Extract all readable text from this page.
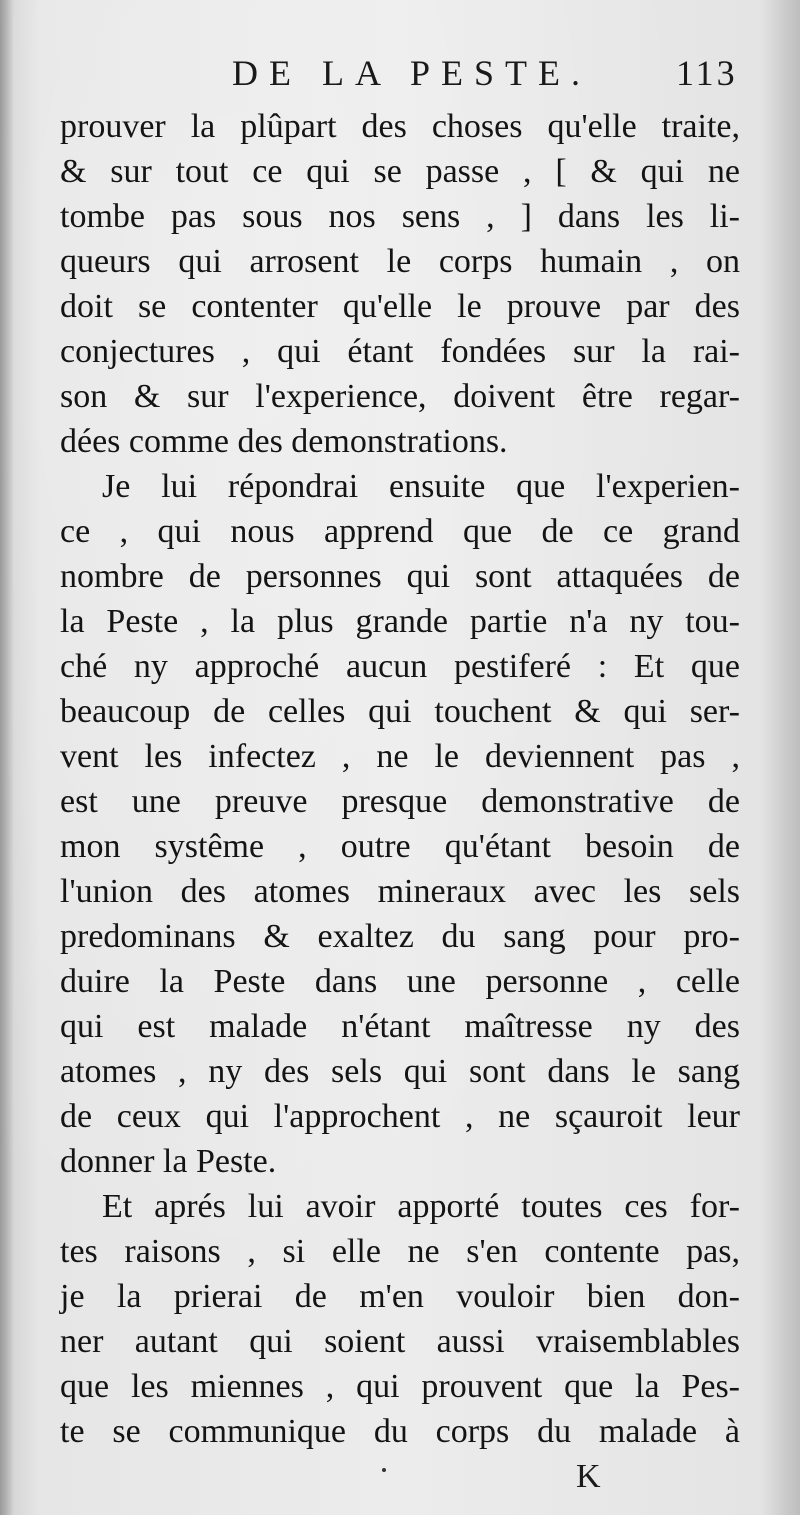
DE LA PESTE. 113
prouver la plûpart des choses qu'elle traite,
& sur tout ce qui se passe , [ & qui ne
tombe pas sous nos sens , ] dans les li-
queurs qui arrosent le corps humain , on
doit se contenter qu'elle le prouve par des
conjectures , qui étant fondées sur la rai-
son & sur l'experience, doivent être regar-
dées comme des demonstrations.
Je lui répondrai ensuite que l'experien-
ce , qui nous apprend que de ce grand
nombre de personnes qui sont attaquées de
la Peste , la plus grande partie n'a ny tou-
ché ny approché aucun pestiferé : Et que
beaucoup de celles qui touchent & qui ser-
vent les infectez , ne le deviennent pas ,
est une preuve presque demonstrative de
mon systême , outre qu'étant besoin de
l'union des atomes mineraux avec les sels
predominans & exaltez du sang pour pro-
duire la Peste dans une personne , celle
qui est malade n'étant maîtresse ny des
atomes , ny des sels qui sont dans le sang
de ceux qui l'approchent , ne sçauroit leur
donner la Peste.
Et aprés lui avoir apporté toutes ces for-
tes raisons , si elle ne s'en contente pas,
je la prierai de m'en vouloir bien don-
ner autant qui soient aussi vraisemblables
que les miennes , qui prouvent que la Pes-
te se communique du corps du malade à
K
